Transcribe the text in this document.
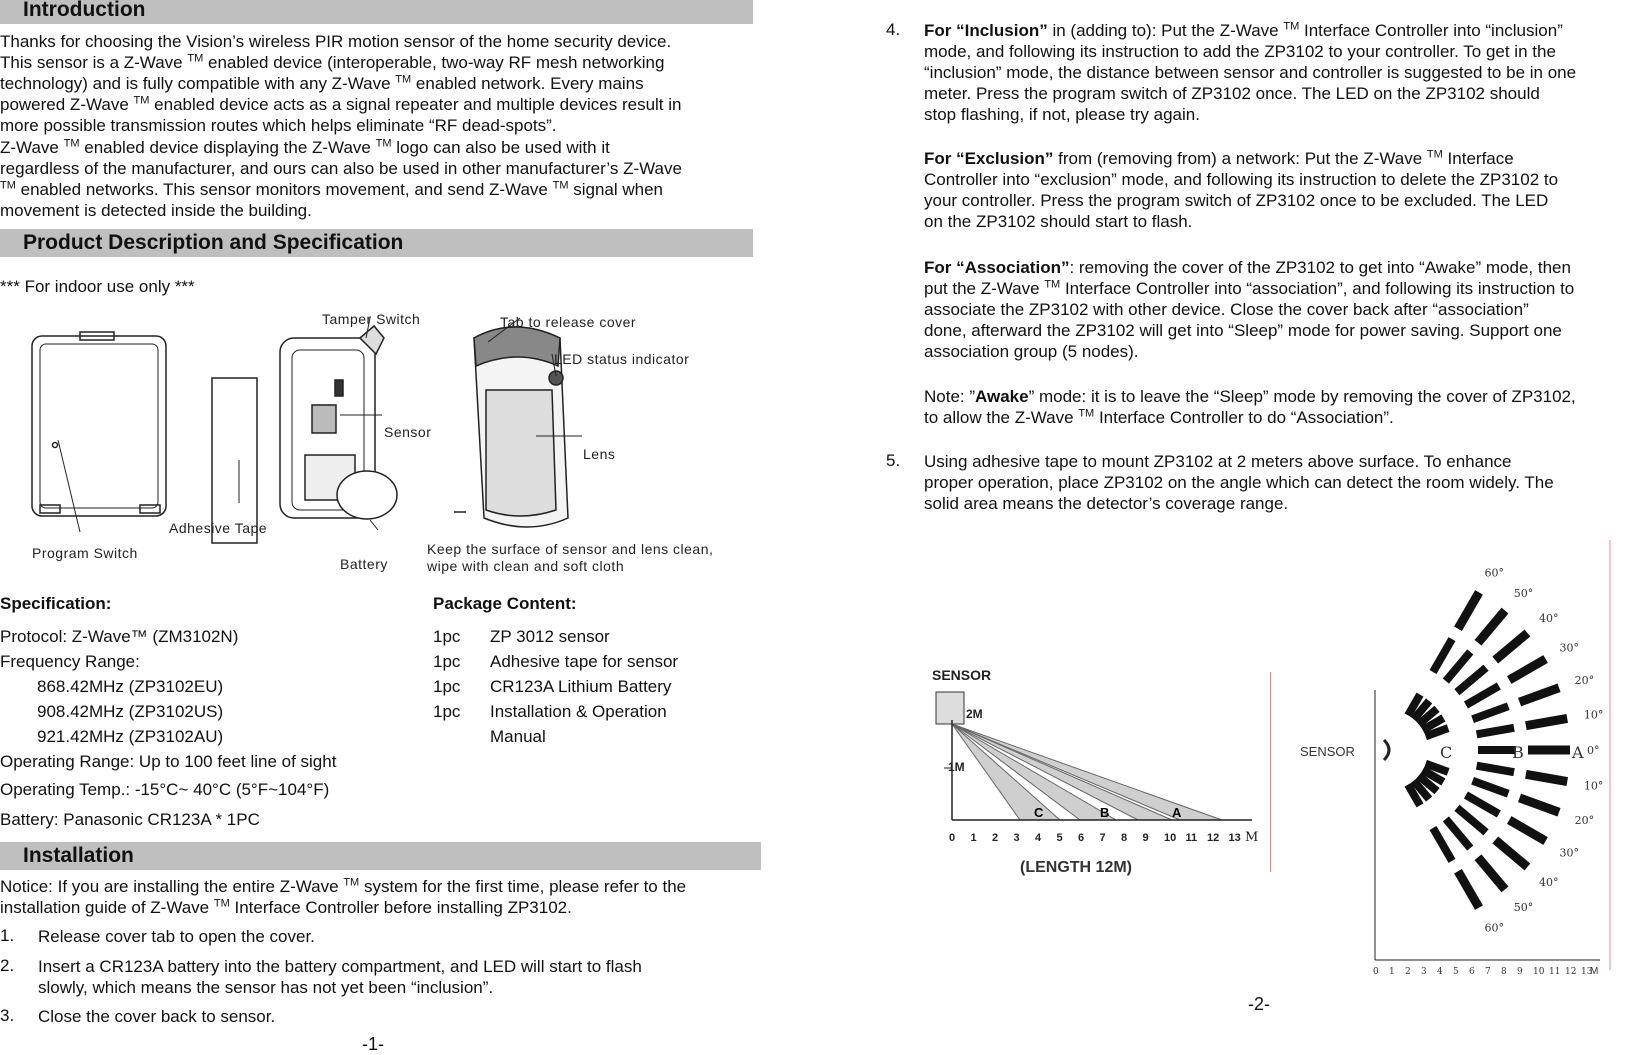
Introduction
Thanks for choosing the Vision’s wireless PIR motion sensor of the home security device.
This sensor is a Z-Wave ™ enabled device (interoperable, two-way RF mesh networking
technology) and is fully compatible with any Z-Wave ™ enabled network. Every mains
powered Z-Wave ™ enabled device acts as a signal repeater and multiple devices result in
more possible transmission routes which helps eliminate “RF dead-spots”.
Z-Wave ™ enabled device displaying the Z-Wave ™ logo can also be used with it
regardless of the manufacturer, and ours can also be used in other manufacturer’s Z-Wave
™ enabled networks. This sensor monitors movement, and send Z-Wave ™ signal when
movement is detected inside the building.
Product Description and Specification
*** For indoor use only ***
Tamper Switch	Tab to release cover
LED status indicator
Sensor
Lens
Adhesive Tape
Program Switch
Battery
Keep the surface of sensor and lens clean,
wipe with clean and soft cloth
Specification:
Protocol: Z-Wave™ (ZM3102N)
Frequency Range:
868.42MHz (ZP3102EU)
908.42MHz (ZP3102US)
921.42MHz (ZP3102AU)
Operating Range: Up to 100 feet line of sight
Operating Temp.: -15°C~ 40°C (5°F~104°F)
Battery: Panasonic CR123A * 1PC
Package Content:
1pc ZP 3012 sensor
1pc Adhesive tape for sensor
1pc CR123A Lithium Battery
1pc Installation & Operation
Manual
Installation
Notice: If you are installing the entire Z-Wave ™ system for the first time, please refer to the
installation guide of Z-Wave ™ Interface Controller before installing ZP3102.
1. Release cover tab to open the cover.
2. Insert a CR123A battery into the battery compartment, and LED will start to flash
slowly, which means the sensor has not yet been “inclusion”.
3. Close the cover back to sensor.
-1-
4. For “Inclusion” in (adding to): Put the Z-Wave ™ Interface Controller into “inclusion”
mode, and following its instruction to add the ZP3102 to your controller. To get in the
“inclusion” mode, the distance between sensor and controller is suggested to be in one
meter. Press the program switch of ZP3102 once. The LED on the ZP3102 should
stop flashing, if not, please try again.
For “Exclusion” from (removing from) a network: Put the Z-Wave ™ Interface
Controller into “exclusion” mode, and following its instruction to delete the ZP3102 to
your controller. Press the program switch of ZP3102 once to be excluded. The LED
on the ZP3102 should start to flash.
For “Association”: removing the cover of the ZP3102 to get into “Awake” mode, then
put the Z-Wave ™ Interface Controller into “association”, and following its instruction to
associate the ZP3102 with other device. Close the cover back after “association”
done, afterward the ZP3102 will get into “Sleep” mode for power saving. Support one
association group (5 nodes).
Note: ”Awake” mode: it is to leave the “Sleep” mode by removing the cover of ZP3102,
to allow the Z-Wave ™ Interface Controller to do “Association”.
5. Using adhesive tape to mount ZP3102 at 2 meters above surface. To enhance
proper operation, place ZP3102 on the angle which can detect the room widely. The
solid area means the detector’s coverage range.
SENSOR
2M
1M
C	B	A
0 1 2 3 4 5 6 7 8 9 10 11 12 13 M
(LENGTH 12M)
SENSOR
60°
50°
40°
30°
20°
10°
0°
10°
20°
30°
40°
50°
60°
C	B	A
0 1 2 3 4 5 6 7 8 9 10 11 12 13
M
-2-
